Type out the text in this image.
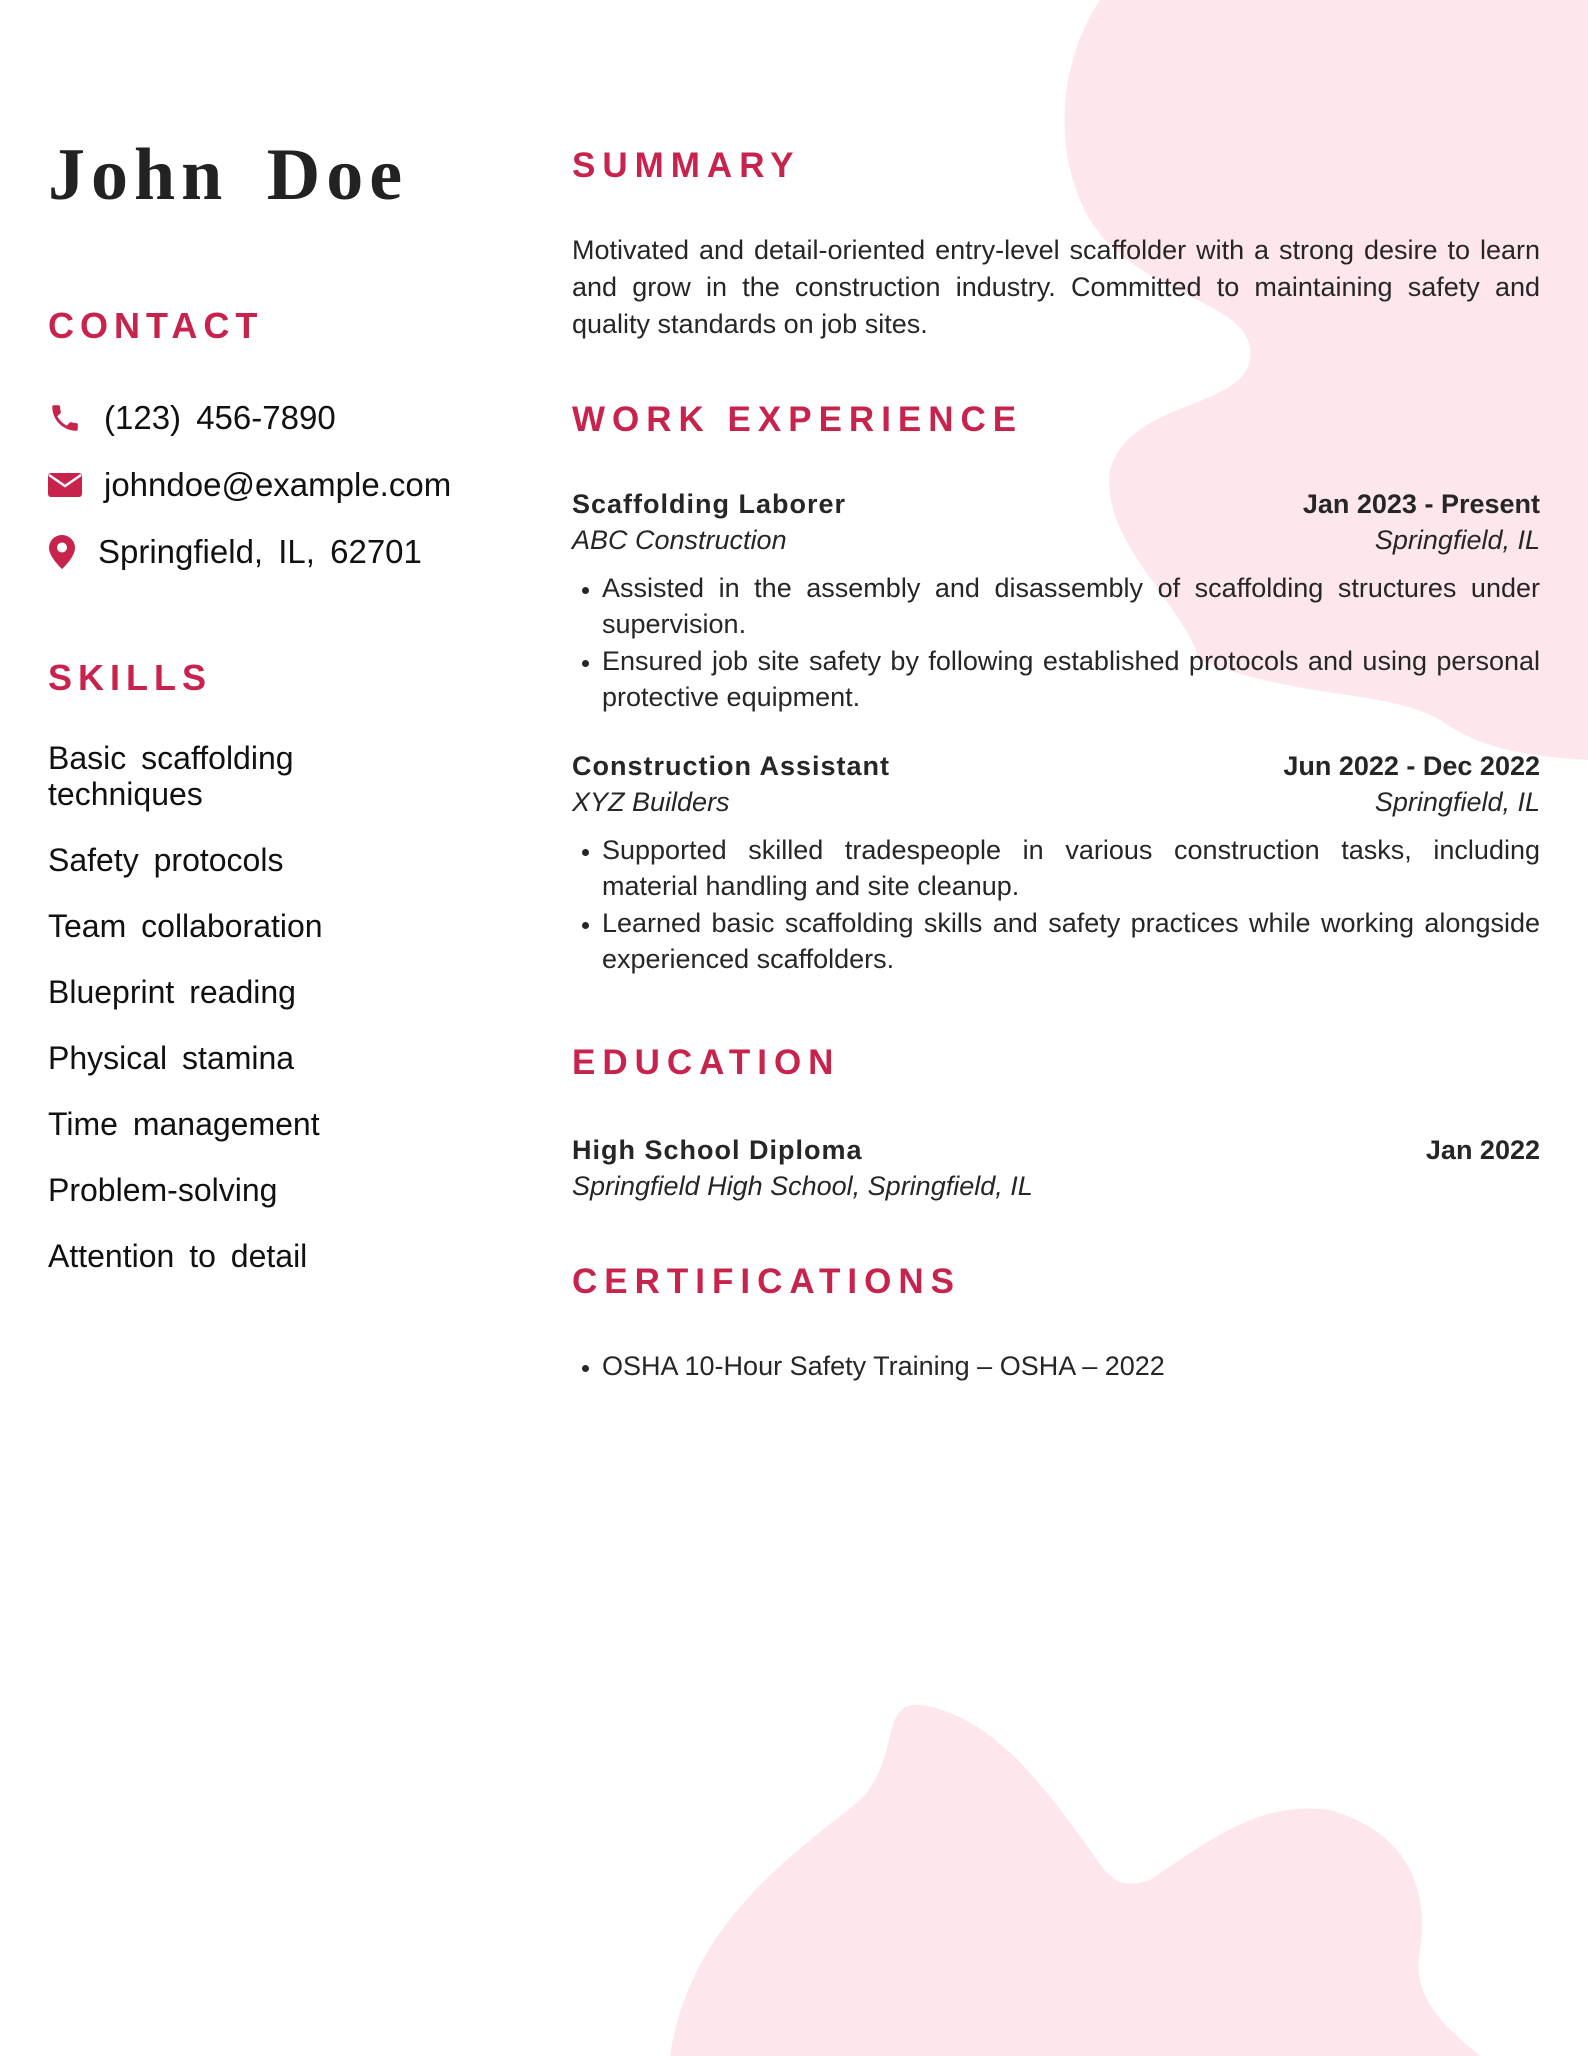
John Doe
CONTACT
(123) 456-7890
johndoe@example.com
Springfield, IL, 62701
SKILLS
Basic scaffolding techniques
Safety protocols
Team collaboration
Blueprint reading
Physical stamina
Time management
Problem-solving
Attention to detail
SUMMARY

Motivated and detail-oriented entry-level scaffolder with a strong desire to learn and grow in the construction industry. Committed to maintaining safety and quality standards on job sites.

WORK EXPERIENCE
Scaffolding Laborer	Jan 2023 - Present
ABC Construction	Springfield, IL
• Assisted in the assembly and disassembly of scaffolding structures under supervision.
• Ensured job site safety by following established protocols and using personal protective equipment.
Construction Assistant	Jun 2022 - Dec 2022
XYZ Builders	Springfield, IL
• Supported skilled tradespeople in various construction tasks, including material handling and site cleanup.
• Learned basic scaffolding skills and safety practices while working alongside experienced scaffolders.
EDUCATION
High School Diploma	Jan 2022
Springfield High School, Springfield, IL
CERTIFICATIONS
• OSHA 10-Hour Safety Training – OSHA – 2022
